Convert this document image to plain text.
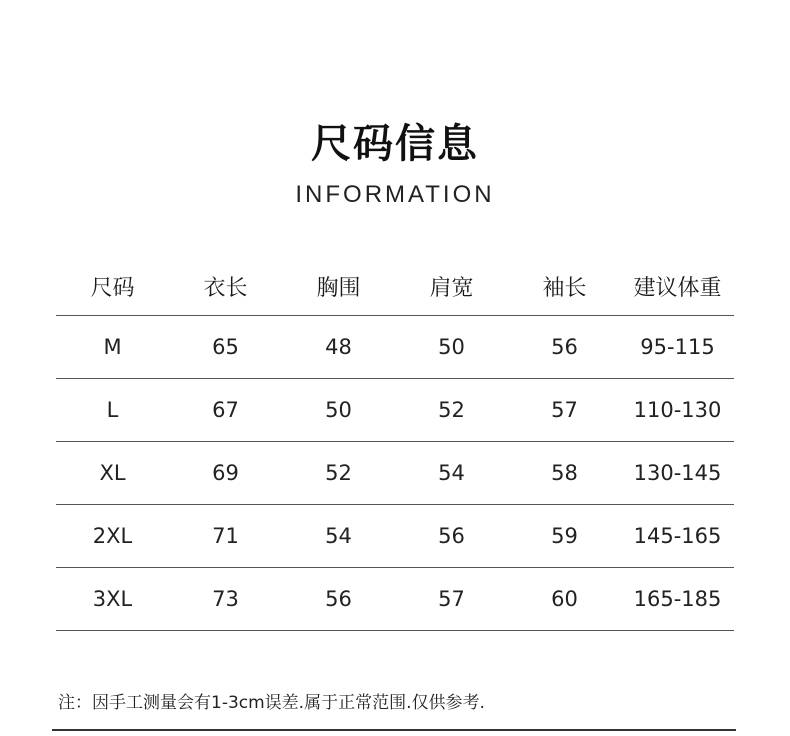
尺码信息
INFORMATION
尺码	衣长	胸围	肩宽	袖长	建议体重
M	65	48	50	56	95-115
L	67	50	52	57	110-130
XL	69	52	54	58	130-145
2XL	71	54	56	59	145-165
3XL	73	56	57	60	165-185
注：因手工测量会有1-3cm误差.属于正常范围.仅供参考.
